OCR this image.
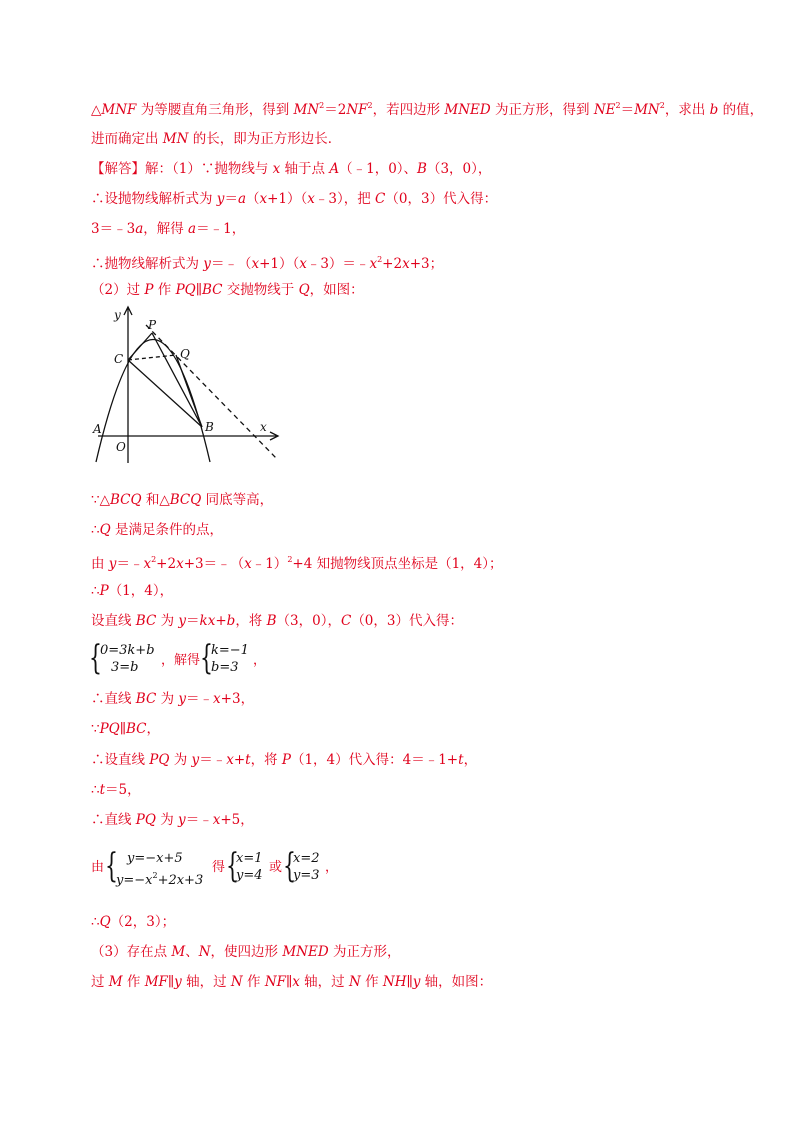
△MNF 为等腰直角三角形，得到 $MN^2=2NF^2$，若四边形 MNED 为正方形，得到 $NE^2=MN^2$，求出 b 的值，
进而确定出 MN 的长，即为正方形边长．
【解答】解：（1）∵抛物线与 x 轴于点 A（﹣1，0）、B（3，0），
∴设抛物线解析式为 y＝a（x+1）（x﹣3），把 C（0，3）代入得：
3＝﹣3a，解得 a＝﹣1，
∴抛物线解析式为 $y=﹣(x+1)(x﹣3)=﹣x^2+2x+3$；
（2）过 P 作 PQ∥BC 交抛物线于 Q，如图：
y
x
P
Q
C
A
O
B
∵△BCQ 和△BCQ 同底等高，
∴Q 是满足条件的点，
由 $y=﹣x^2+2x+3=﹣(x﹣1)^2+4$ 知抛物线顶点坐标是（1，4）；
∴P（1，4），
设直线 BC 为 y＝kx+b，将 B（3，0），C（0，3）代入得：
{
0=3k+b
3=b	，解得 {
k=−1
b=3	，
∴直线 BC 为 y＝﹣x+3，
∵PQ∥BC，
∴设直线 PQ 为 y＝﹣x+t，将 P（1，4）代入得：4＝﹣1+t，
∴t＝5，
∴直线 PQ 为 y＝﹣x+5，
由 { y=−x+5
$y=-x^2+2x+3$
得 {
x=1
y=4
或 {
x=2
y=3
，
∴Q（2，3）；
（3）存在点 M、N，使四边形 MNED 为正方形，
过 M 作 MF∥y 轴，过 N 作 NF∥x 轴，过 N 作 NH∥y 轴，如图：
